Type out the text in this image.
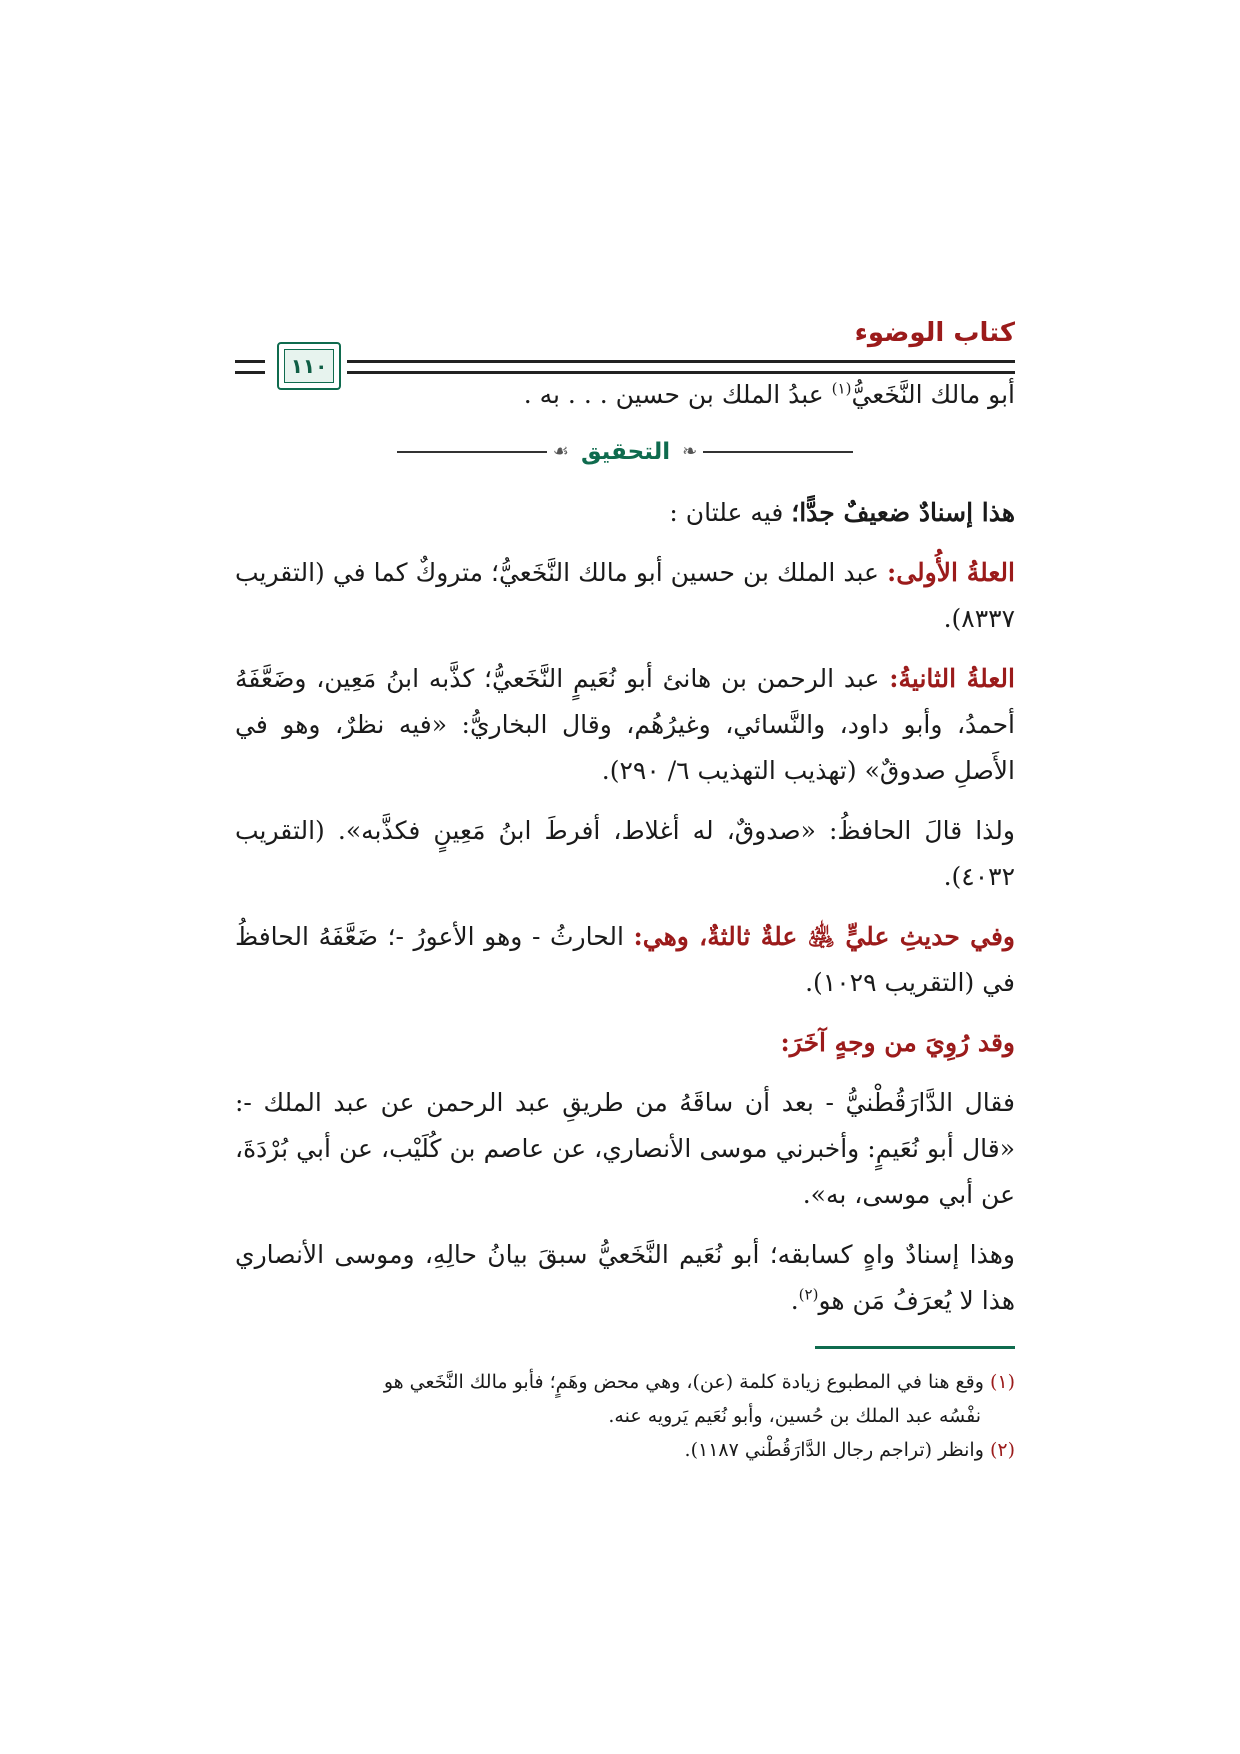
كتاب الوضوء
١١٠

أبو مالك النَّخَعيُّ$^{(١)}$ عبدُ الملك بن حسين . . . به .

❧
التحقيق
☙

هذا إسنادٌ ضعيفٌ جدًّا؛ فيه علتان :

العلةُ الأُولى: عبد الملك بن حسين أبو مالك النَّخَعيُّ؛ متروكٌ كما في (التقريب ٨٣٣٧).

العلةُ الثانيةُ: عبد الرحمن بن هانئ أبو نُعَيمٍ النَّخَعيُّ؛ كذَّبه ابنُ مَعِين، وضَعَّفَهُ أحمدُ، وأبو داود، والنَّسائي، وغيرُهُم، وقال البخاريُّ: «فيه نظرٌ، وهو في الأَصلِ صدوقٌ» (تهذيب التهذيب ٦/ ٢٩٠).

ولذا قالَ الحافظُ: «صدوقٌ، له أغلاط، أفرطَ ابنُ مَعِينٍ فكذَّبه». (التقريب ٤٠٣٢).

وفي حديثِ عليٍّ ﵁ علةٌ ثالثةٌ، وهي: الحارثُ - وهو الأعورُ -؛ ضَعَّفَهُ الحافظُ في (التقريب ١٠٢٩).

وقد رُوِيَ من وجهٍ آخَرَ:

فقال الدَّارَقُطْنيُّ - بعد أن ساقَهُ من طريقِ عبد الرحمن عن عبد الملك -: «قال أبو نُعَيمٍ: وأخبرني موسى الأنصاري، عن عاصم بن كُلَيْب، عن أبي بُرْدَةَ، عن أبي موسى، به».

وهذا إسنادٌ واهٍ كسابقه؛ أبو نُعَيم النَّخَعيُّ سبقَ بيانُ حالِهِ، وموسى الأنصاري هذا لا يُعرَفُ مَن هو$^{(٢)}$.

(١) وقع هنا في المطبوع زيادة كلمة (عن)، وهي محض وهَمٍ؛ فأبو مالك النَّخَعي هو

نفْسُه عبد الملك بن حُسين، وأبو نُعَيم يَرويه عنه.

(٢) وانظر (تراجم رجال الدَّارَقُطْني ١١٨٧).
